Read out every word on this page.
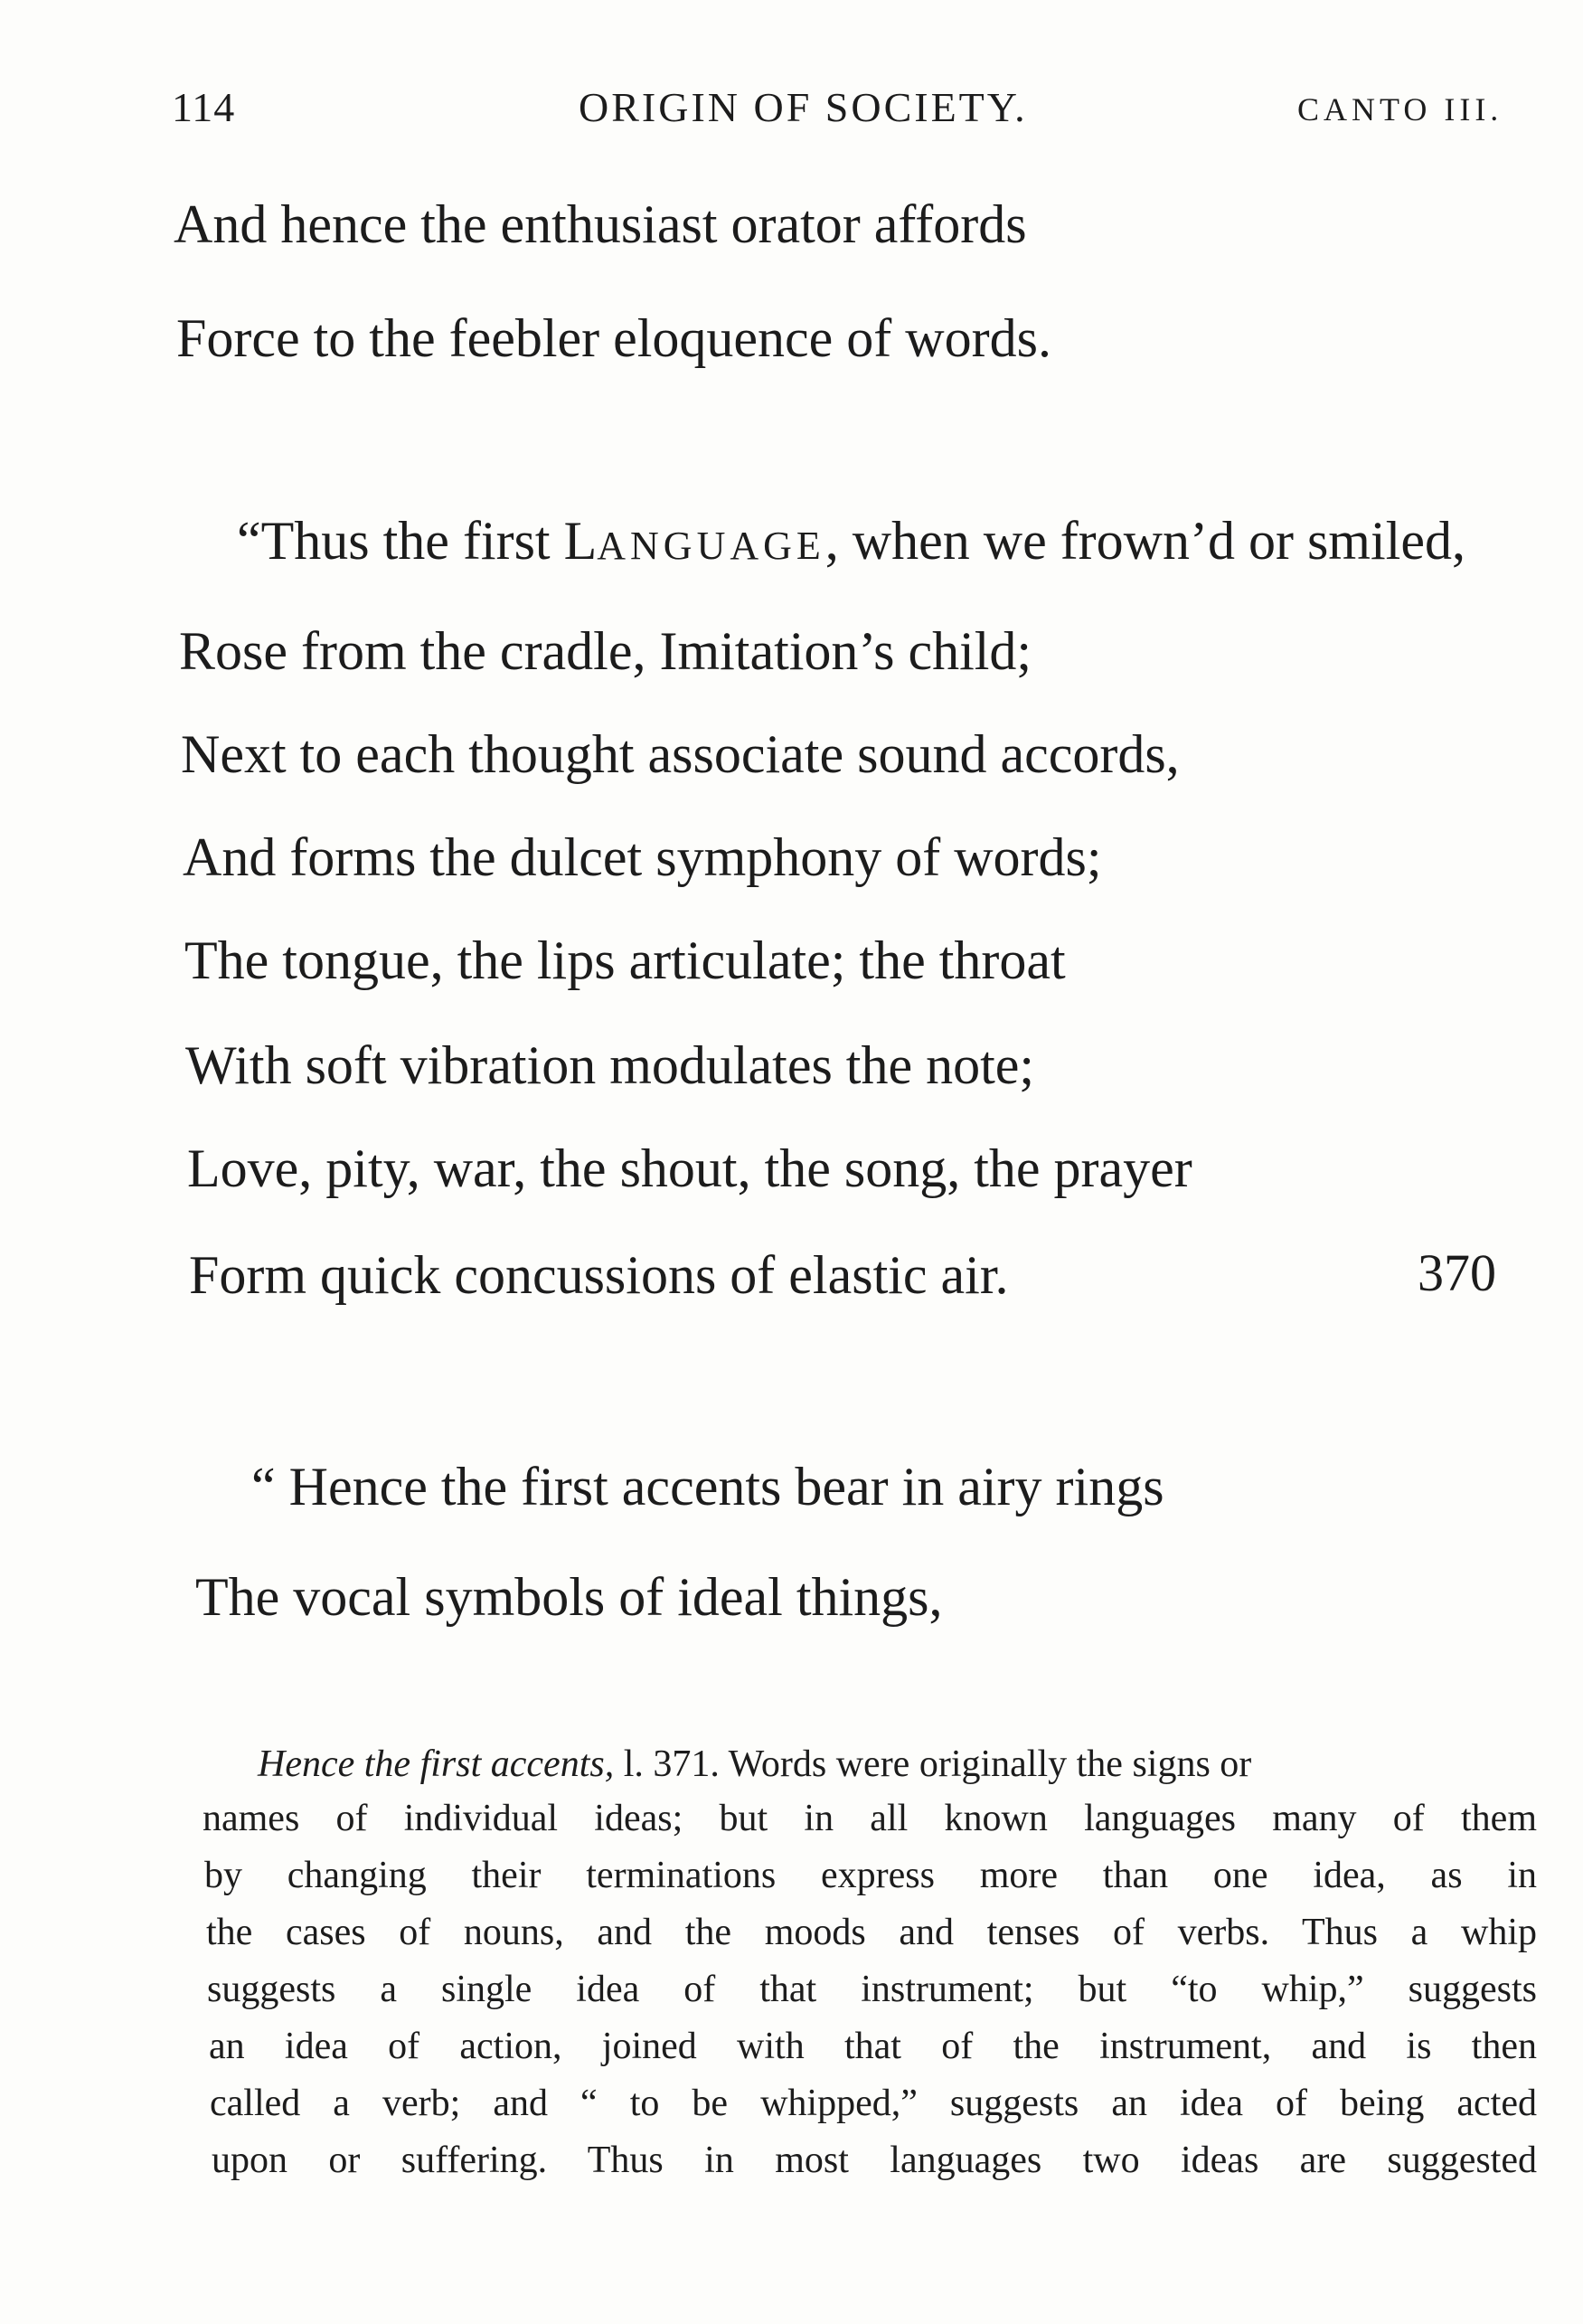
114	ORIGIN OF SOCIETY.	CANTO III.
And hence the enthusiast orator affords
Force to the feebler eloquence of words.
“Thus the first LANGUAGE, when we frown’d or smiled,
Rose from the cradle, Imitation’s child;
Next to each thought associate sound accords,
And forms the dulcet symphony of words;
The tongue, the lips articulate; the throat
With soft vibration modulates the note;
Love, pity, war, the shout, the song, the prayer
Form quick concussions of elastic air.	370
“ Hence the first accents bear in airy rings
The vocal symbols of ideal things,
Hence the first accents, l. 371. Words were originally the signs or
names of individual ideas; but in all known languages many of them
by changing their terminations express more than one idea, as in
the cases of nouns, and the moods and tenses of verbs. Thus a whip
suggests a single idea of that instrument; but “to whip,” suggests
an idea of action, joined with that of the instrument, and is then
called a verb; and “ to be whipped,” suggests an idea of being acted
upon or suffering. Thus in most languages two ideas are suggested
